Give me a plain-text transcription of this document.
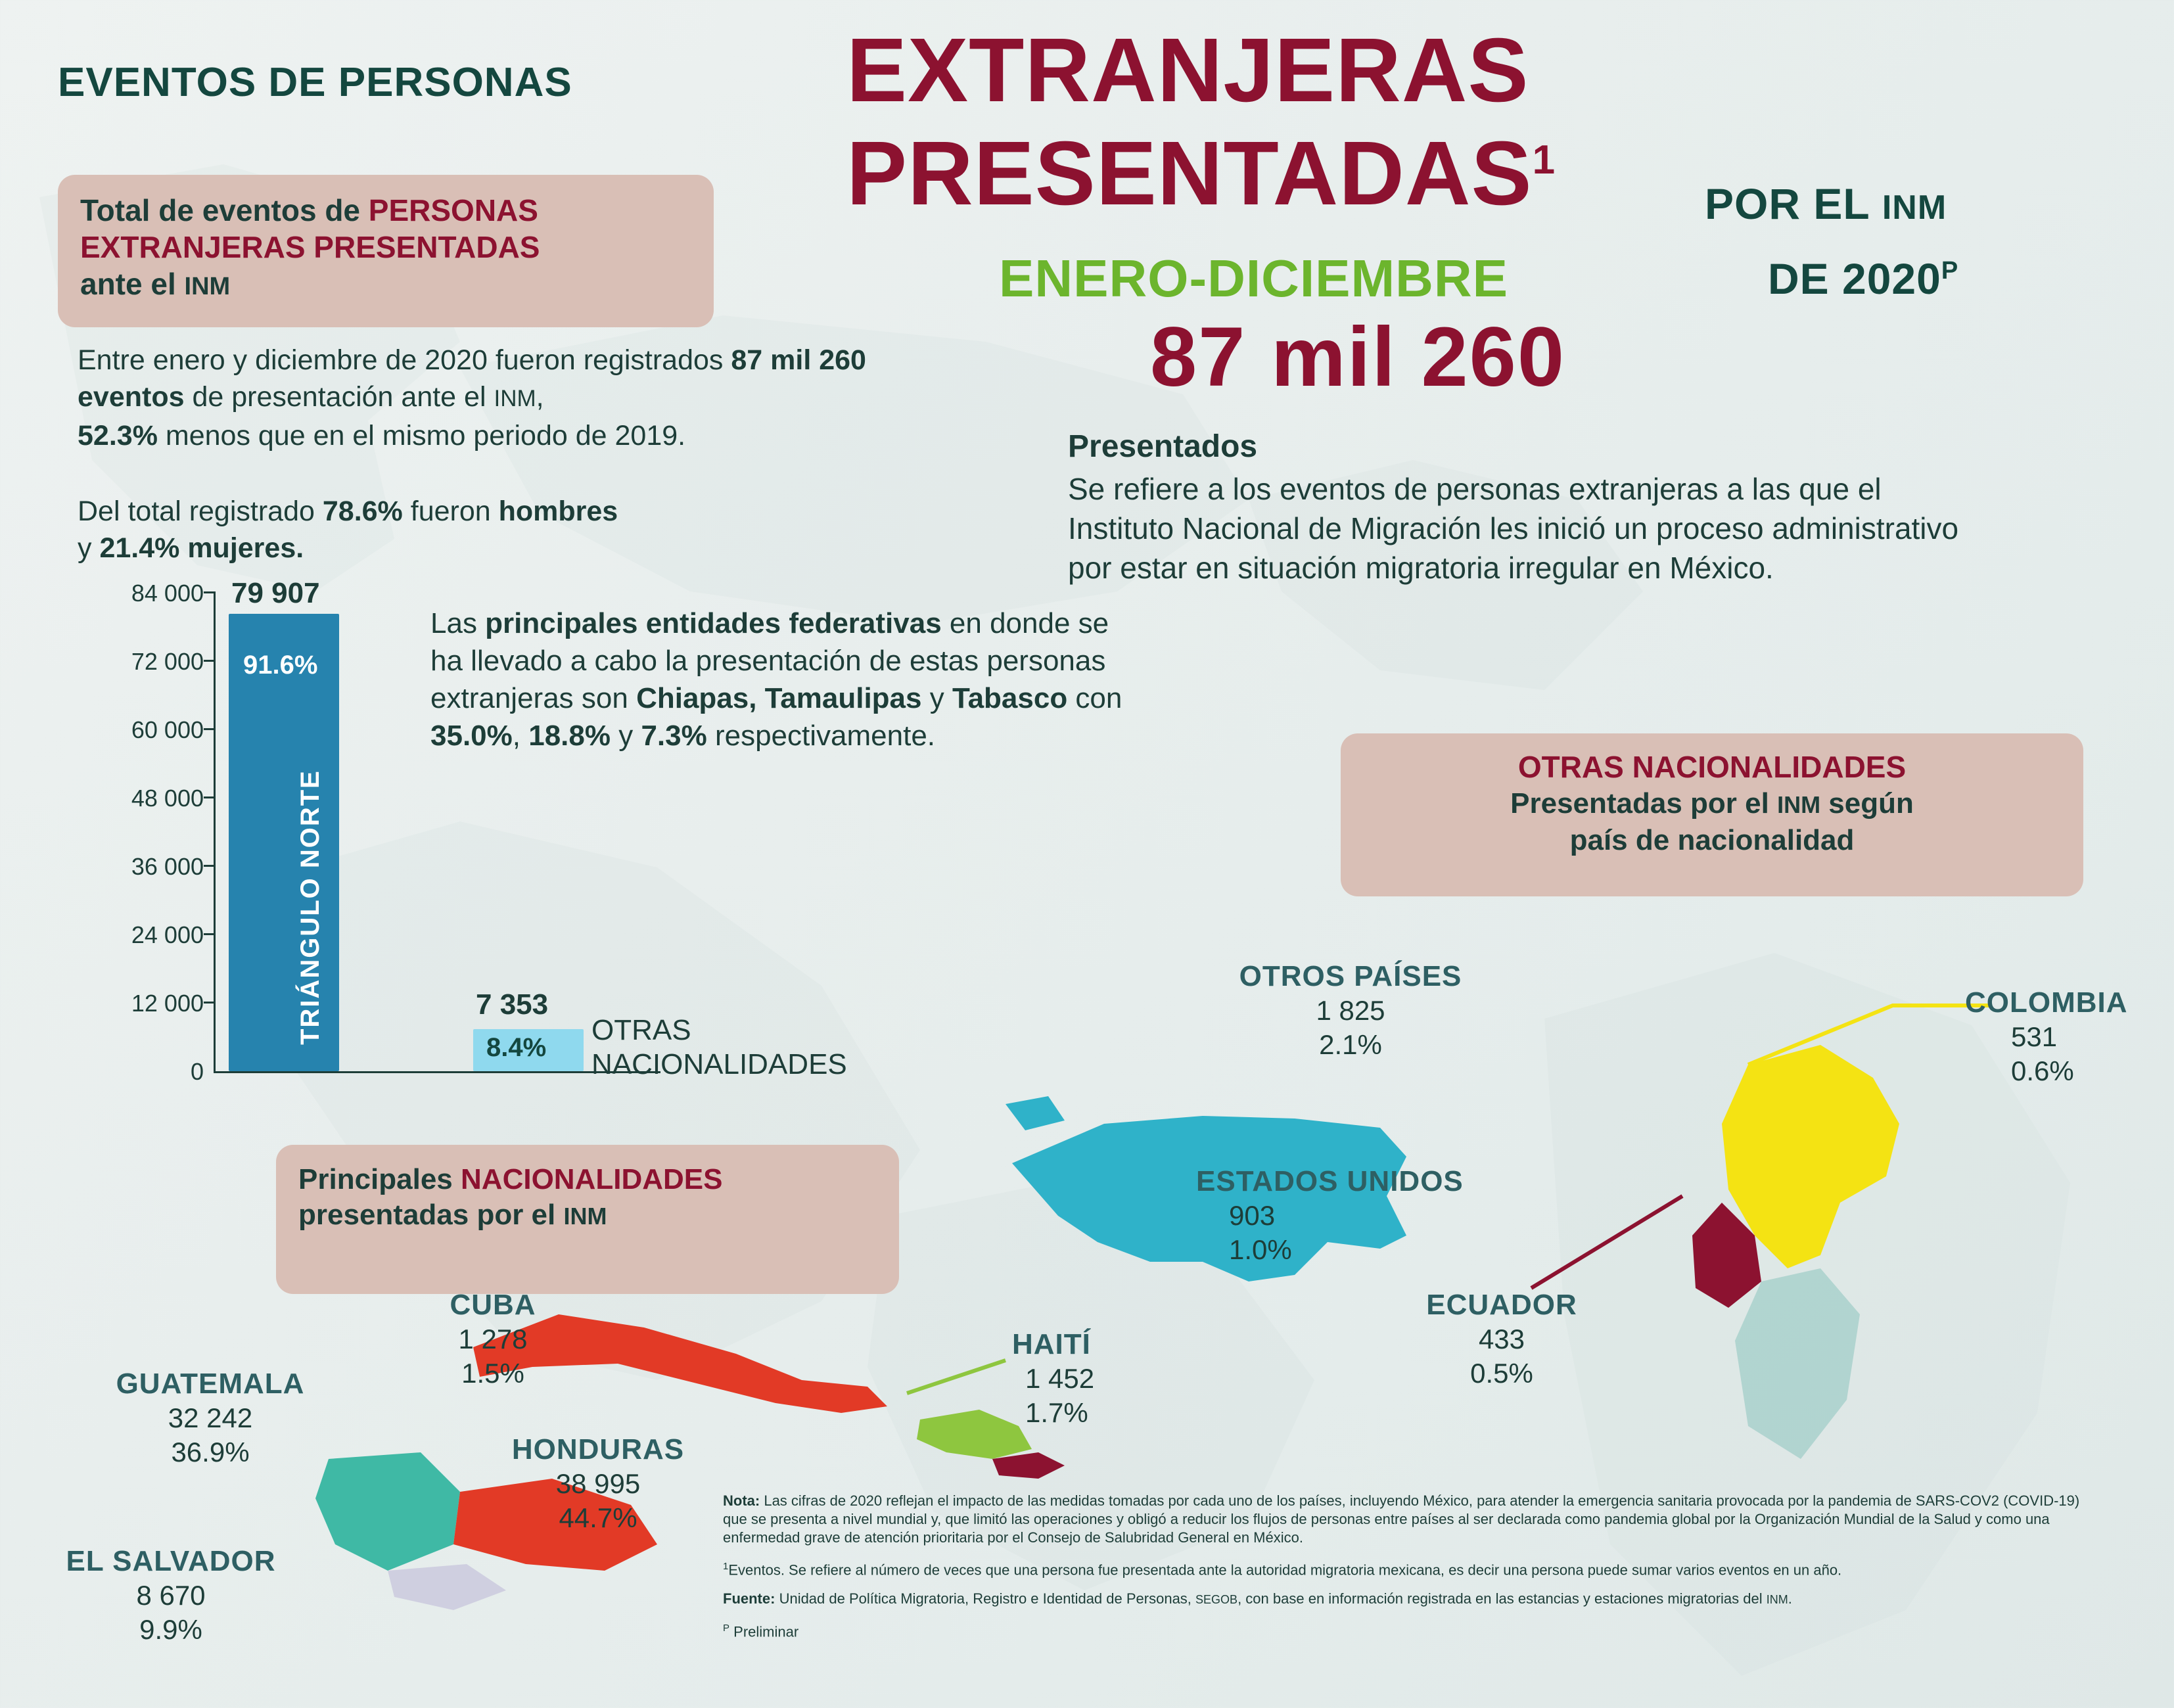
EVENTOS DE PERSONAS	EXTRANJERAS
PRESENTADAS$^1$
POR EL INM
ENERO-DICIEMBRE	DE $2020^P$
87 mil 260
Total de eventos de PERSONAS
EXTRANJERAS PRESENTADAS
ante el INM
Entre enero y diciembre de 2020 fueron registrados 87 mil 260 eventos de presentación ante el INM,
52.3% menos que en el mismo periodo de 2019.
Del total registrado 78.6% fueron hombres
y 21.4% mujeres.
Presentados
Se refiere a los eventos de personas extranjeras a las que el Instituto Nacional de Migración les inició un proceso administrativo por estar en situación migratoria irregular en México.
84 000
72 000
60 000
48 000
36 000
24 000
12 000
0
79 907
91.6%
TRIÁNGULO NORTE	7 353
8.4%
OTRAS
NACIONALIDADES
Las principales entidades federativas en donde se ha llevado a cabo la presentación de estas personas extranjeras son Chiapas, Tamaulipas y Tabasco con 35.0%, 18.8% y 7.3% respectivamente.
OTRAS NACIONALIDADES
Presentadas por el INM según
país de nacionalidad
Principales NACIONALIDADES
presentadas por el INM
OTROS PAÍSES
1 825
2.1%
COLOMBIA
531
0.6%
ESTADOS UNIDOS
903
1.0%
ECUADOR
433
0.5%
CUBA
1 278
1.5%
HAITÍ
1 452
1.7%
GUATEMALA
32 242
36.9%	HONDURAS
38 995
44.7%
EL SALVADOR
8 670
9.9%

Nota: Las cifras de 2020 reflejan el impacto de las medidas tomadas por cada uno de los países, incluyendo México, para atender la emergencia sanitaria provocada por la pandemia de SARS-COV2 (COVID-19) que se presenta a nivel mundial y, que limitó las operaciones y obligó a reducir los flujos de personas entre países al ser declarada como pandemia global por la Organización Mundial de la Salud y como una enfermedad grave de atención prioritaria por el Consejo de Salubridad General en México.

$^1$Eventos. Se refiere al número de veces que una persona fue presentada ante la autoridad migratoria mexicana, es decir una persona puede sumar varios eventos en un año.

Fuente: Unidad de Política Migratoria, Registro e Identidad de Personas, SEGOB, con base en información registrada en las estancias y estaciones migratorias del INM.

$^P$ Preliminar
